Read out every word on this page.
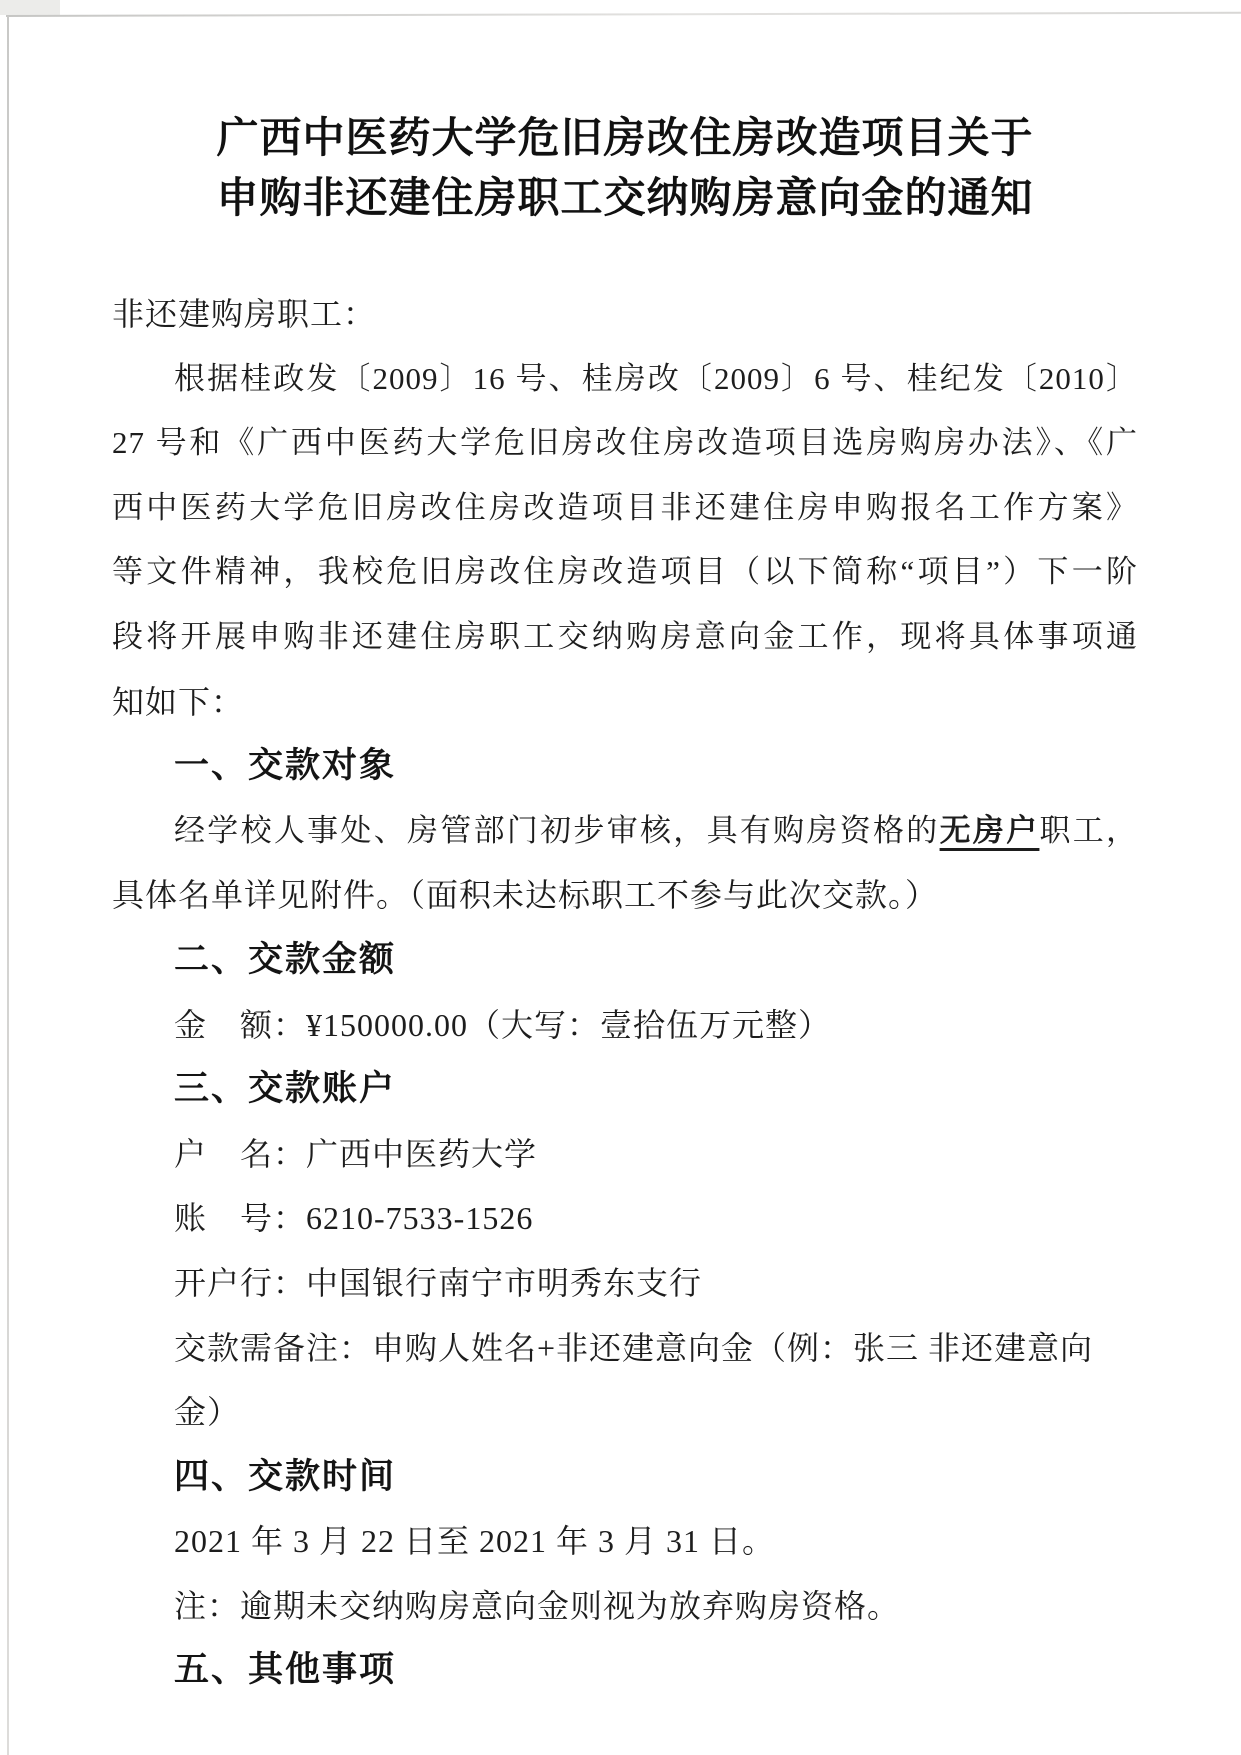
广西中医药大学危旧房改住房改造项目关于
申购非还建住房职工交纳购房意向金的通知
非还建购房职工：
根据桂政发〔2009〕16 号、桂房改〔2009〕6 号、桂纪发〔2010〕
27 号和《广西中医药大学危旧房改住房改造项目选房购房办法》、《广
西中医药大学危旧房改住房改造项目非还建住房申购报名工作方案》
等文件精神，我校危旧房改住房改造项目（以下简称“项目”）下一阶
段将开展申购非还建住房职工交纳购房意向金工作，现将具体事项通
知如下：
一、交款对象
经学校人事处、房管部门初步审核，具有购房资格的无房户职工，
具体名单详见附件。（面积未达标职工不参与此次交款。）
二、交款金额
金　额：¥150000.00（大写：壹拾伍万元整）
三、交款账户
户　名：广西中医药大学
账　号：6210-7533-1526
开户行：中国银行南宁市明秀东支行
交款需备注：申购人姓名+非还建意向金（例：张三 非还建意向金）
四、交款时间
2021 年 3 月 22 日至 2021 年 3 月 31 日。
注：逾期未交纳购房意向金则视为放弃购房资格。
五、其他事项
